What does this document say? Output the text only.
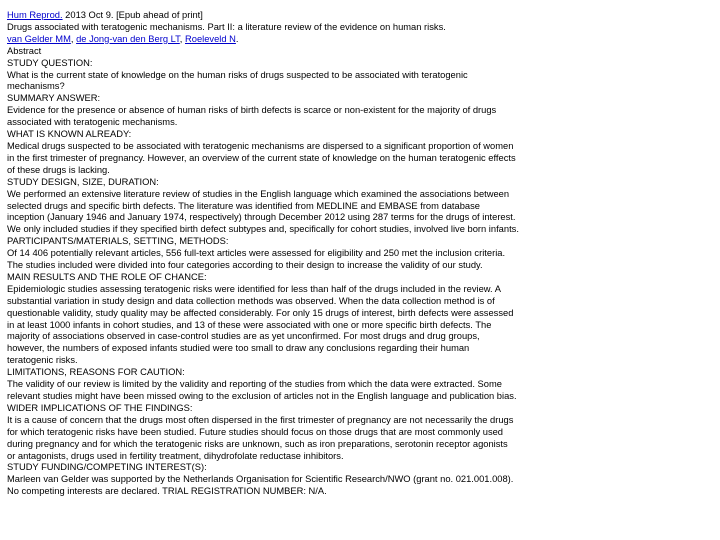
Hum Reprod. 2013 Oct 9. [Epub ahead of print]
Drugs associated with teratogenic mechanisms. Part II: a literature review of the evidence on human risks.
van Gelder MM, de Jong-van den Berg LT, Roeleveld N.
Abstract
STUDY QUESTION:
What is the current state of knowledge on the human risks of drugs suspected to be associated with teratogenic
mechanisms?
SUMMARY ANSWER:
Evidence for the presence or absence of human risks of birth defects is scarce or non-existent for the majority of drugs
associated with teratogenic mechanisms.
WHAT IS KNOWN ALREADY:
Medical drugs suspected to be associated with teratogenic mechanisms are dispersed to a significant proportion of women
in the first trimester of pregnancy. However, an overview of the current state of knowledge on the human teratogenic effects
of these drugs is lacking.
STUDY DESIGN, SIZE, DURATION:
We performed an extensive literature review of studies in the English language which examined the associations between
selected drugs and specific birth defects. The literature was identified from MEDLINE and EMBASE from database
inception (January 1946 and January 1974, respectively) through December 2012 using 287 terms for the drugs of interest.
We only included studies if they specified birth defect subtypes and, specifically for cohort studies, involved live born infants.
PARTICIPANTS/MATERIALS, SETTING, METHODS:
Of 14 406 potentially relevant articles, 556 full-text articles were assessed for eligibility and 250 met the inclusion criteria.
The studies included were divided into four categories according to their design to increase the validity of our study.
MAIN RESULTS AND THE ROLE OF CHANCE:
Epidemiologic studies assessing teratogenic risks were identified for less than half of the drugs included in the review. A
substantial variation in study design and data collection methods was observed. When the data collection method is of
questionable validity, study quality may be affected considerably. For only 15 drugs of interest, birth defects were assessed
in at least 1000 infants in cohort studies, and 13 of these were associated with one or more specific birth defects. The
majority of associations observed in case-control studies are as yet unconfirmed. For most drugs and drug groups,
however, the numbers of exposed infants studied were too small to draw any conclusions regarding their human
teratogenic risks.
LIMITATIONS, REASONS FOR CAUTION:
The validity of our review is limited by the validity and reporting of the studies from which the data were extracted. Some
relevant studies might have been missed owing to the exclusion of articles not in the English language and publication bias.
WIDER IMPLICATIONS OF THE FINDINGS:
It is a cause of concern that the drugs most often dispersed in the first trimester of pregnancy are not necessarily the drugs
for which teratogenic risks have been studied. Future studies should focus on those drugs that are most commonly used
during pregnancy and for which the teratogenic risks are unknown, such as iron preparations, serotonin receptor agonists
or antagonists, drugs used in fertility treatment, dihydrofolate reductase inhibitors.
STUDY FUNDING/COMPETING INTEREST(S):
Marleen van Gelder was supported by the Netherlands Organisation for Scientific Research/NWO (grant no. 021.001.008).
No competing interests are declared. TRIAL REGISTRATION NUMBER: N/A.
